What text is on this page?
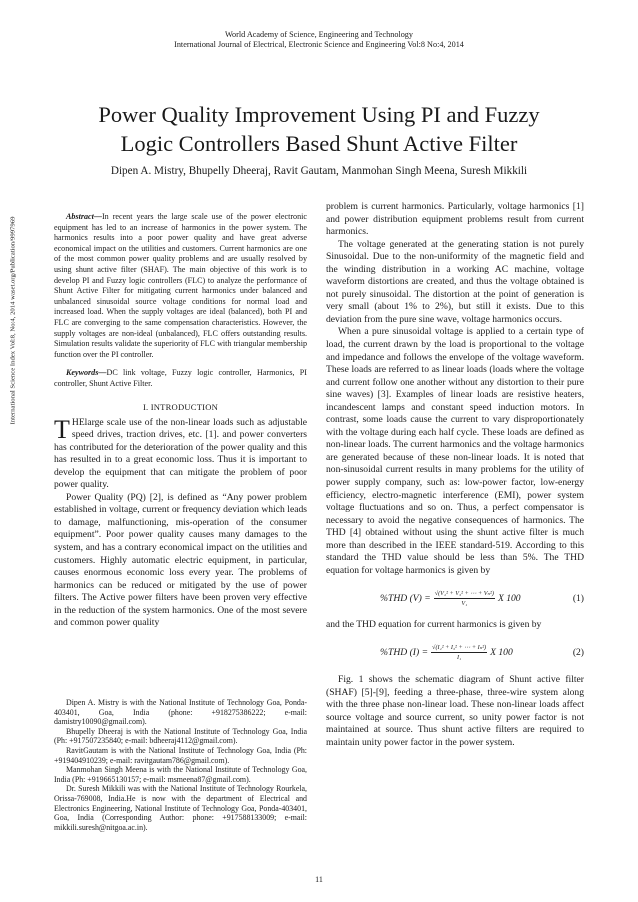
World Academy of Science, Engineering and Technology
International Journal of Electrical, Electronic Science and Engineering Vol:8 No:4, 2014
International Science Index Vol:8, No:4, 2014 waset.org/Publication/9997969
Power Quality Improvement Using PI and Fuzzy
Logic Controllers Based Shunt Active Filter
Dipen A. Mistry, Bhupelly Dheeraj, Ravit Gautam, Manmohan Singh Meena, Suresh Mikkili

Abstract—In recent years the large scale use of the power electronic equipment has led to an increase of harmonics in the power system. The harmonics results into a poor power quality and have great adverse economical impact on the utilities and customers. Current harmonics are one of the most common power quality problems and are usually resolved by using shunt active filter (SHAF). The main objective of this work is to develop PI and Fuzzy logic controllers (FLC) to analyze the performance of Shunt Active Filter for mitigating current harmonics under balanced and unbalanced sinusoidal source voltage conditions for normal load and increased load. When the supply voltages are ideal (balanced), both PI and FLC are converging to the same compensation characteristics. However, the supply voltages are non-ideal (unbalanced), FLC offers outstanding results. Simulation results validate the superiority of FLC with triangular membership function over the PI controller.

Keywords—DC link voltage, Fuzzy logic controller, Harmonics, PI controller, Shunt Active Filter.

I. INTRODUCTION

T HElarge scale use of the non-linear loads such as adjustable speed drives, traction drives, etc. [1]. and power converters has contributed for the deterioration of the power quality and this has resulted in to a great economic loss. Thus it is important to develop the equipment that can mitigate the problem of poor power quality.

Power Quality (PQ) [2], is defined as “Any power problem established in voltage, current or frequency deviation which leads to damage, malfunctioning, mis-operation of the consumer equipment”. Poor power quality causes many damages to the system, and has a contrary economical impact on the utilities and customers. Highly automatic electric equipment, in particular, causes enormous economic loss every year. The problems of harmonics can be reduced or mitigated by the use of power filters. The Active power filters have been proven very effective in the reduction of the system harmonics. One of the most severe and common power quality

Dipen A. Mistry is with the National Institute of Technology Goa, Ponda-403401, Goa, India (phone: +918275386222; e-mail: damistry10090@gmail.com).

Bhupelly Dheeraj is with the National Institute of Technology Goa, India (Ph: +917507235840; e-mail: bdheeraj4112@gmail.com).

RavitGautam is with the National Institute of Technology Goa, India (Ph: +919404910239; e-mail: ravitgautam786@gmail.com).

Manmohan Singh Meena is with the National Institute of Technology Goa, India (Ph: +919665130157; e-mail: msmeena87@gmail.com).

Dr. Suresh Mikkili was with the National Institute of Technology Rourkela, Orissa-769008, India.He is now with the department of Electrical and Electronics Engineering, National Institute of Technology Goa, Ponda-403401, Goa, India (Corresponding Author: phone: +917588133009; e-mail: mikkili.suresh@nitgoa.ac.in).

problem is current harmonics. Particularly, voltage harmonics [1] and power distribution equipment problems result from current harmonics.

The voltage generated at the generating station is not purely Sinusoidal. Due to the non-uniformity of the magnetic field and the winding distribution in a working AC machine, voltage waveform distortions are created, and thus the voltage obtained is not purely sinusoidal. The distortion at the point of generation is very small (about 1% to 2%), but still it exists. Due to this deviation from the pure sine wave, voltage harmonics occurs.

When a pure sinusoidal voltage is applied to a certain type of load, the current drawn by the load is proportional to the voltage and impedance and follows the envelope of the voltage waveform. These loads are referred to as linear loads (loads where the voltage and current follow one another without any distortion to their pure sine waves) [3]. Examples of linear loads are resistive heaters, incandescent lamps and constant speed induction motors. In contrast, some loads cause the current to vary disproportionately with the voltage during each half cycle. These loads are defined as non-linear loads. The current harmonics and the voltage harmonics are generated because of these non-linear loads. It is noted that non-sinusoidal current results in many problems for the utility of power supply company, such as: low-power factor, low-energy efficiency, electro-magnetic interference (EMI), power system voltage fluctuations and so on. Thus, a perfect compensator is necessary to avoid the negative consequences of harmonics. The THD [4] obtained without using the shunt active filter is much more than described in the IEEE standard-519. According to this standard the THD value should be less than 5%. The THD equation for voltage harmonics is given by

%THD $(V) = \frac{\text{√(V₂² + V₃² + ⋯ + Vₙ²)}}{\text{V₁}}$ X 100	(1)

and the THD equation for current harmonics is given by

%THD $(I) = \frac{\text{√(I₂² + I₃² + ⋯ + Iₙ²)}}{\text{I₁}}$ X 100	(2)

Fig. 1 shows the schematic diagram of Shunt active filter (SHAF) [5]-[9], feeding a three-phase, three-wire system along with the three phase non-linear load. These non-linear loads affect source voltage and source current, so unity power factor is not maintained at source. Thus shunt active filters are required to maintain unity power factor in the power system.

11
